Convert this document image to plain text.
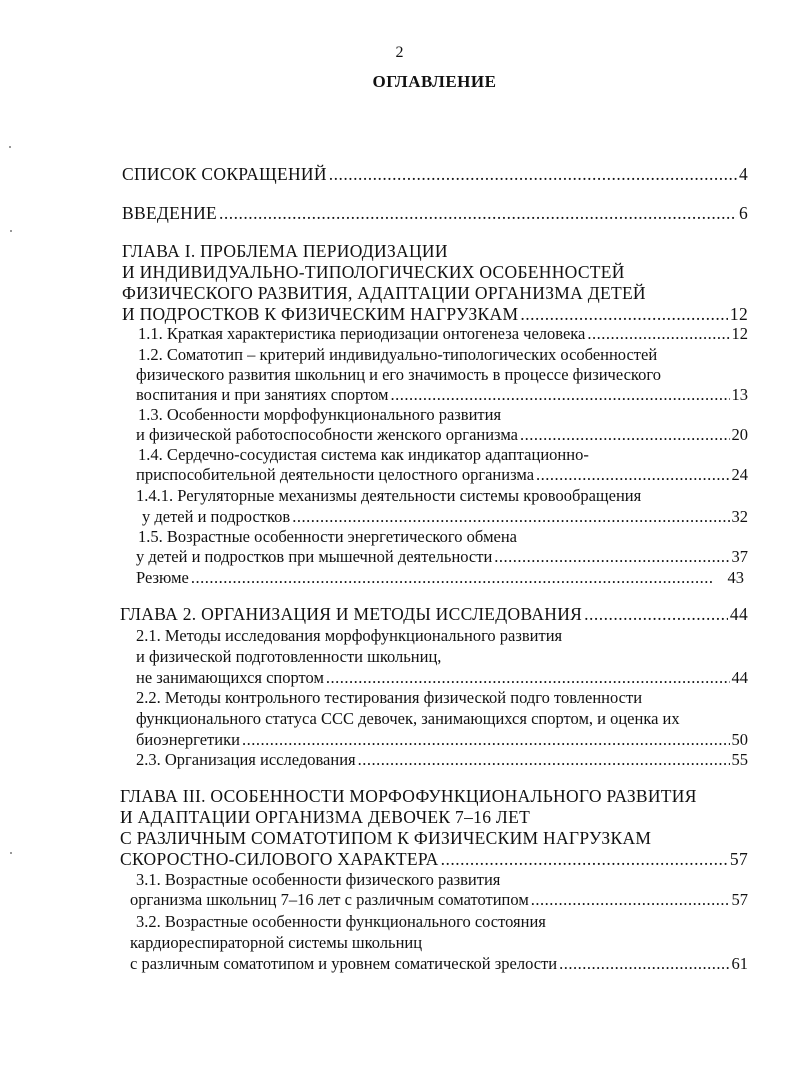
2
ОГЛАВЛЕНИЕ
СПИСОК СОКРАЩЕНИЙ .....	4
ВВЕДЕНИЕ .....	6
ГЛАВА I. ПРОБЛЕМА ПЕРИОДИЗАЦИИ
И ИНДИВИДУАЛЬНО-ТИПОЛОГИЧЕСКИХ ОСОБЕННОСТЕЙ
ФИЗИЧЕСКОГО РАЗВИТИЯ, АДАПТАЦИИ ОРГАНИЗМА ДЕТЕЙ
И ПОДРОСТКОВ К ФИЗИЧЕСКИМ НАГРУЗКАМ .....	12
1.1. Краткая характеристика периодизации онтогенеза человека .....	12
1.2. Соматотип – критерий индивидуально-типологических особенностей
физического развития школьниц и его значимость в процессе физического
воспитания и при занятиях спортом .....	13
1.3. Особенности морфофункционального развития
и физической работоспособности женского организма .....	20
1.4. Сердечно-сосудистая система как индикатор адаптационно-
приспособительной деятельности целостного организма .....	24
1.4.1. Регуляторные механизмы деятельности системы кровообращения
у детей и подростков .....	32
1.5. Возрастные особенности энергетического обмена
у детей и подростков при мышечной деятельности .....	37
Резюме .....	43
ГЛАВА 2. ОРГАНИЗАЦИЯ И МЕТОДЫ ИССЛЕДОВАНИЯ .....	44
2.1. Методы исследования морфофункционального развития
и физической подготовленности школьниц,
не занимающихся спортом .....	44
2.2. Методы контрольного тестирования физической подго товленности
функционального статуса ССС девочек, занимающихся спортом, и оценка их
биоэнергетики .....	50
2.3. Организация исследования .....	55
ГЛАВА III. ОСОБЕННОСТИ МОРФОФУНКЦИОНАЛЬНОГО РАЗВИТИЯ
И АДАПТАЦИИ ОРГАНИЗМА ДЕВОЧЕК 7–16 ЛЕТ
С РАЗЛИЧНЫМ СОМАТОТИПОМ К ФИЗИЧЕСКИМ НАГРУЗКАМ
СКОРОСТНО-СИЛОВОГО ХАРАКТЕРА .....	57
3.1. Возрастные особенности физического развития
организма школьниц 7–16 лет с различным соматотипом .....	57
3.2. Возрастные особенности функционального состояния
кардиореспираторной системы школьниц
с различным соматотипом и уровнем соматической зрелости .....	61
